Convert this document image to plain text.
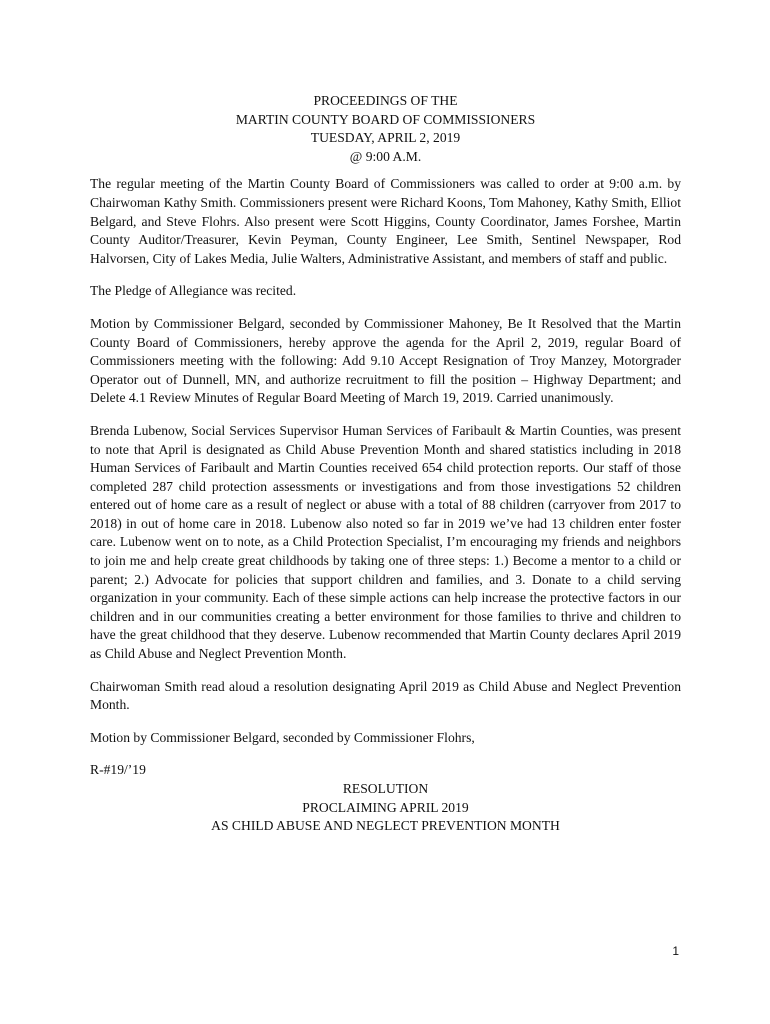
PROCEEDINGS OF THE
MARTIN COUNTY BOARD OF COMMISSIONERS
TUESDAY, APRIL 2, 2019
@ 9:00 A.M.

The regular meeting of the Martin County Board of Commissioners was called to order at 9:00 a.m. by Chairwoman Kathy Smith. Commissioners present were Richard Koons, Tom Mahoney, Kathy Smith, Elliot Belgard, and Steve Flohrs. Also present were Scott Higgins, County Coordinator, James Forshee, Martin County Auditor/Treasurer, Kevin Peyman, County Engineer, Lee Smith, Sentinel Newspaper, Rod Halvorsen, City of Lakes Media, Julie Walters, Administrative Assistant, and members of staff and public.

The Pledge of Allegiance was recited.

Motion by Commissioner Belgard, seconded by Commissioner Mahoney, Be It Resolved that the Martin County Board of Commissioners, hereby approve the agenda for the April 2, 2019, regular Board of Commissioners meeting with the following: Add 9.10 Accept Resignation of Troy Manzey, Motorgrader Operator out of Dunnell, MN, and authorize recruitment to fill the position – Highway Department; and Delete 4.1 Review Minutes of Regular Board Meeting of March 19, 2019. Carried unanimously.

Brenda Lubenow, Social Services Supervisor Human Services of Faribault & Martin Counties, was present to note that April is designated as Child Abuse Prevention Month and shared statistics including in 2018 Human Services of Faribault and Martin Counties received 654 child protection reports. Our staff of those completed 287 child protection assessments or investigations and from those investigations 52 children entered out of home care as a result of neglect or abuse with a total of 88 children (carryover from 2017 to 2018) in out of home care in 2018. Lubenow also noted so far in 2019 we’ve had 13 children enter foster care. Lubenow went on to note, as a Child Protection Specialist, I’m encouraging my friends and neighbors to join me and help create great childhoods by taking one of three steps: 1.) Become a mentor to a child or parent; 2.) Advocate for policies that support children and families, and 3. Donate to a child serving organization in your community. Each of these simple actions can help increase the protective factors in our children and in our communities creating a better environment for those families to thrive and children to have the great childhood that they deserve. Lubenow recommended that Martin County declares April 2019 as Child Abuse and Neglect Prevention Month.

Chairwoman Smith read aloud a resolution designating April 2019 as Child Abuse and Neglect Prevention Month.

Motion by Commissioner Belgard, seconded by Commissioner Flohrs,

R-#19/’19

RESOLUTION
PROCLAIMING APRIL 2019
AS CHILD ABUSE AND NEGLECT PREVENTION MONTH
1
